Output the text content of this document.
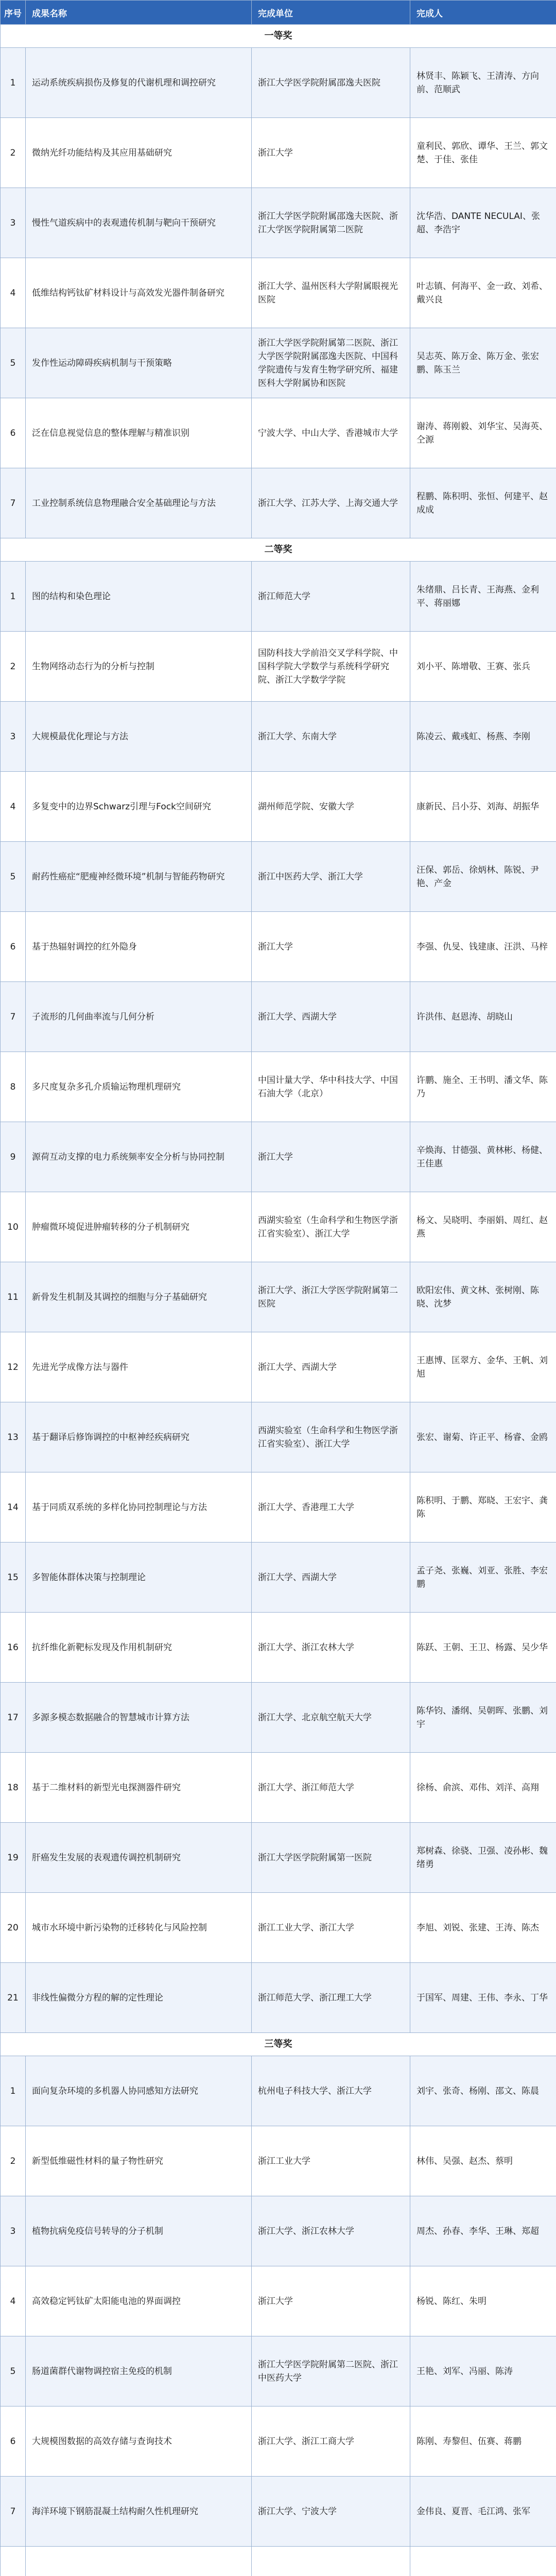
序号	成果名称	完成单位	完成人
一等奖			
1	运动系统疾病损伤及修复的代谢机理和调控研究	浙江大学医学院附属邵逸夫医院	林贤丰、陈颖飞、王清涛、方向前、范顺武
2	微纳光纤功能结构及其应用基础研究	浙江大学	童利民、郭欣、谭华、王兰、郭文楚、于佳、张佳
3	慢性气道疾病中的表观遗传机制与靶向干预研究	浙江大学医学院附属邵逸夫医院、浙江大学医学院附属第二医院	沈华浩、DANTE NECULAI、张超、李浩宇
4	低维结构钙钛矿材料设计与高效发光器件制备研究	浙江大学、温州医科大学附属眼视光医院	叶志镇、何海平、金一政、刘希、戴兴良
5	发作性运动障碍疾病机制与干预策略	浙江大学医学院附属第二医院、浙江大学医学院附属邵逸夫医院、中国科学院遗传与发育生物学研究所、福建医科大学附属协和医院	吴志英、陈万金、陈万金、张宏鹏、陈玉兰
6	泛在信息视觉信息的整体理解与精准识别	宁波大学、中山大学、香港城市大学	谢涛、蒋刚毅、刘华宝、吴海英、仝源
7	工业控制系统信息物理融合安全基础理论与方法	浙江大学、江苏大学、上海交通大学	程鹏、陈积明、张恒、何建平、赵成成
二等奖			
1	图的结构和染色理论	浙江师范大学	朱绪鼎、吕长青、王海燕、金利平、蒋丽娜
2	生物网络动态行为的分析与控制	国防科技大学前沿交叉学科学院、中国科学院大学数学与系统科学研究院、浙江大学数学学院	刘小平、陈增敬、王赛、张兵
3	大规模最优化理论与方法	浙江大学、东南大学	陈凌云、戴彧虹、杨燕、李刚
4	多复变中的边界Schwarz引理与Fock空间研究	湖州师范学院、安徽大学	康新民、吕小芬、刘海、胡振华
5	耐药性癌症“肥瘦神经微环境”机制与智能药物研究	浙江中医药大学、浙江大学	汪保、郭岳、徐炳林、陈锐、尹艳、产金
6	基于热辐射调控的红外隐身	浙江大学	李强、仇旻、钱建康、汪洪、马梓
7	子流形的几何曲率流与几何分析	浙江大学、西湖大学	许洪伟、赵恩涛、胡晓山
8	多尺度复杂多孔介质输运物理机理研究	中国计量大学、华中科技大学、中国石油大学（北京）	许鹏、施全、王书明、潘文华、陈乃
9	源荷互动支撑的电力系统频率安全分析与协同控制	浙江大学	辛焕海、甘德强、黄林彬、杨健、王佳惠
10	肿瘤微环境促进肿瘤转移的分子机制研究	西湖实验室（生命科学和生物医学浙江省实验室）、浙江大学	杨文、吴晓明、李丽娟、周红、赵燕
11	新骨发生机制及其调控的细胞与分子基础研究	浙江大学、浙江大学医学院附属第二医院	欧阳宏伟、黄文林、张树刚、陈晓、沈梦
12	先进光学成像方法与器件	浙江大学、西湖大学	王惠博、匡翠方、金华、王帆、刘旭
13	基于翻译后修饰调控的中枢神经疾病研究	西湖实验室（生命科学和生物医学浙江省实验室）、浙江大学	张宏、谢菊、许正平、杨睿、金鸥
14	基于同质双系统的多样化协同控制理论与方法	浙江大学、香港理工大学	陈积明、于鹏、郑晓、王宏宇、龚陈
15	多智能体群体决策与控制理论	浙江大学、西湖大学	孟子尧、张巍、刘亚、张胜、李宏鹏
16	抗纤维化新靶标发现及作用机制研究	浙江大学、浙江农林大学	陈跃、王朝、王卫、杨露、吴少华
17	多源多模态数据融合的智慧城市计算方法	浙江大学、北京航空航天大学	陈华钧、潘纲、吴朝晖、张鹏、刘宇
18	基于二维材料的新型光电探测器件研究	浙江大学、浙江师范大学	徐杨、俞滨、邓伟、刘洋、高翔
19	肝癌发生发展的表观遗传调控机制研究	浙江大学医学院附属第一医院	郑树森、徐骁、卫强、凌孙彬、魏绪勇
20	城市水环境中新污染物的迁移转化与风险控制	浙江工业大学、浙江大学	李旭、刘锐、张建、王涛、陈杰
21	非线性偏微分方程的解的定性理论	浙江师范大学、浙江理工大学	于国军、周建、王伟、李永、丁华
三等奖			
1	面向复杂环境的多机器人协同感知方法研究	杭州电子科技大学、浙江大学	刘宇、张奇、杨刚、邵文、陈晨
2	新型低维磁性材料的量子物性研究	浙江工业大学	林伟、吴强、赵杰、蔡明
3	植物抗病免疫信号转导的分子机制	浙江大学、浙江农林大学	周杰、孙春、李华、王琳、郑超
4	高效稳定钙钛矿太阳能电池的界面调控	浙江大学	杨锐、陈红、朱明
5	肠道菌群代谢物调控宿主免疫的机制	浙江大学医学院附属第二医院、浙江中医药大学	王艳、刘军、冯丽、陈涛
6	大规模图数据的高效存储与查询技术	浙江大学、浙江工商大学	陈刚、寿黎但、伍赛、蒋鹏
7	海洋环境下钢筋混凝土结构耐久性机理研究	浙江大学、宁波大学	金伟良、夏晋、毛江鸿、张军
